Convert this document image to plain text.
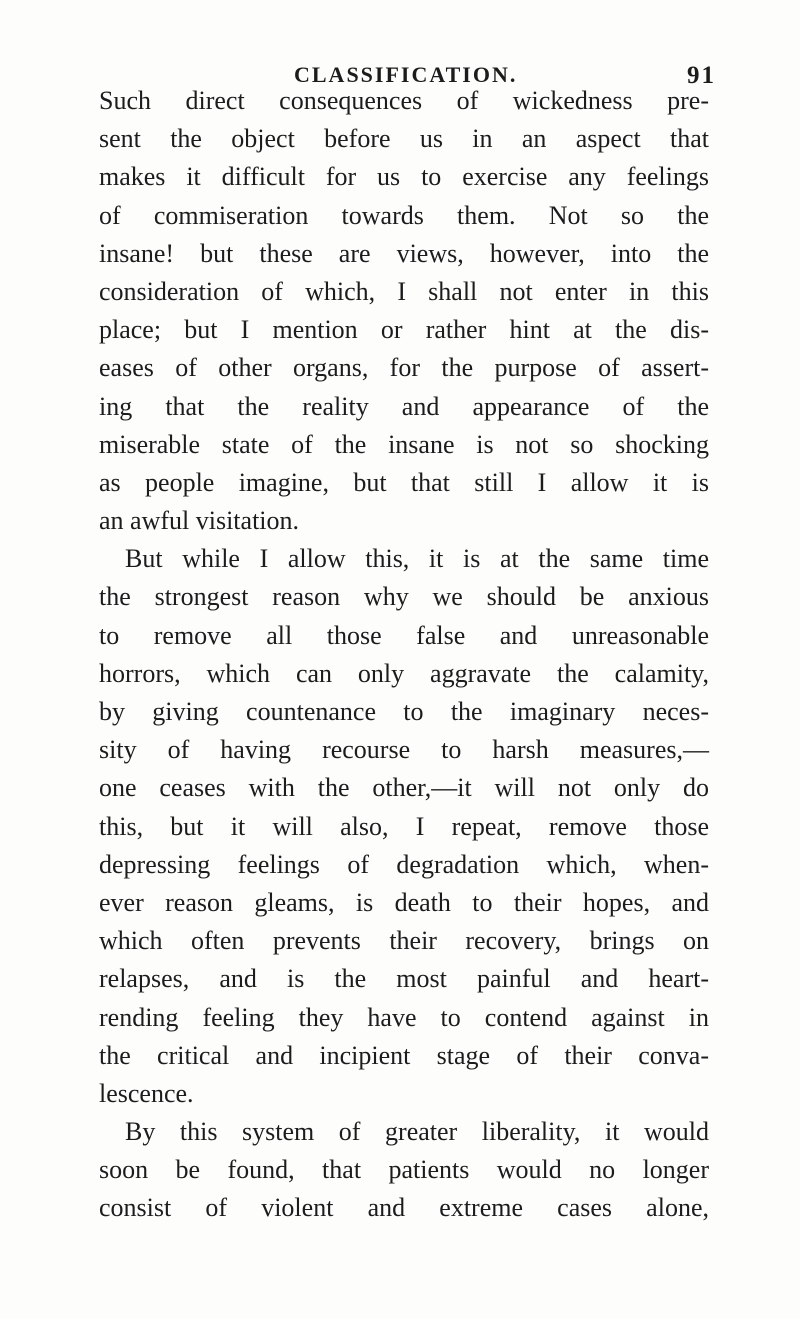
CLASSIFICATION.	91
Such direct consequences of wickedness pre-
sent the object before us in an aspect that
makes it difficult for us to exercise any feelings
of commiseration towards them. Not so the
insane! but these are views, however, into the
consideration of which, I shall not enter in this
place; but I mention or rather hint at the dis-
eases of other organs, for the purpose of assert-
ing that the reality and appearance of the
miserable state of the insane is not so shocking
as people imagine, but that still I allow it is
an awful visitation.
But while I allow this, it is at the same time
the strongest reason why we should be anxious
to remove all those false and unreasonable
horrors, which can only aggravate the calamity,
by giving countenance to the imaginary neces-
sity of having recourse to harsh measures,—
one ceases with the other,—it will not only do
this, but it will also, I repeat, remove those
depressing feelings of degradation which, when-
ever reason gleams, is death to their hopes, and
which often prevents their recovery, brings on
relapses, and is the most painful and heart-
rending feeling they have to contend against in
the critical and incipient stage of their conva-
lescence.
By this system of greater liberality, it would
soon be found, that patients would no longer
consist of violent and extreme cases alone,
